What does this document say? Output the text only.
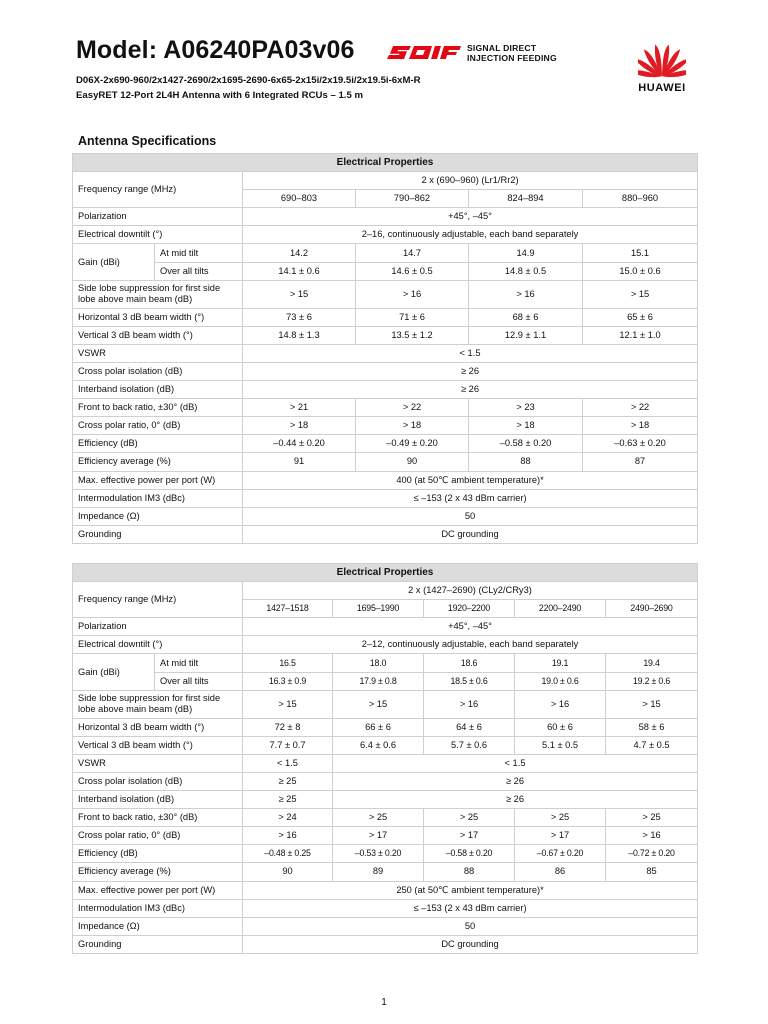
Model: A06240PA03v06	SIGNAL DIRECT
INJECTION FEEDING
D06X-2x690-960/2x1427-2690/2x1695-2690-6x65-2x15i/2x19.5i/2x19.5i-6xM-R
EasyRET 12-Port 2L4H Antenna with 6 Integrated RCUs – 1.5 m
HUAWEI
Antenna Specifications
Electrical Properties					
Frequency range (MHz)		2 x (690–960) (Lr1/Rr2)			
		690–803	790–862	824–894	880–960
Polarization		+45°, –45°			
Electrical downtilt (°)		2–16, continuously adjustable, each band separately			
Gain (dBi)	At mid tilt	14.2	14.7	14.9	15.1
	Over all tilts	14.1 ± 0.6	14.6 ± 0.5	14.8 ± 0.5	15.0 ± 0.6
Side lobe suppression for first side lobe above main beam (dB)		> 15	> 16	> 16	> 15
Horizontal 3 dB beam width (°)		73 ± 6	71 ± 6	68 ± 6	65 ± 6
Vertical 3 dB beam width (°)		14.8 ± 1.3	13.5 ± 1.2	12.9 ± 1.1	12.1 ± 1.0
VSWR		< 1.5			
Cross polar isolation (dB)		≥ 26			
Interband isolation (dB)		≥ 26			
Front to back ratio, ±30° (dB)		> 21	> 22	> 23	> 22
Cross polar ratio, 0° (dB)		> 18	> 18	> 18	> 18
Efficiency (dB)		–0.44 ± 0.20	–0.49 ± 0.20	–0.58 ± 0.20	–0.63 ± 0.20
Efficiency average (%)		91	90	88	87
Max. effective power per port (W)		400 (at 50℃ ambient temperature)*			
Intermodulation IM3 (dBc)		≤ –153 (2 x 43 dBm carrier)			
Impedance (Ω)		50			
Grounding		DC grounding			
Electrical Properties						
Frequency range (MHz)		2 x (1427–2690) (CLy2/CRy3)				
		1427–1518	1695–1990	1920–2200	2200–2490	2490–2690
Polarization		+45°, –45°				
Electrical downtilt (°)		2–12, continuously adjustable, each band separately				
Gain (dBi)	At mid tilt	16.5	18.0	18.6	19.1	19.4
	Over all tilts	16.3 ± 0.9	17.9 ± 0.8	18.5 ± 0.6	19.0 ± 0.6	19.2 ± 0.6
Side lobe suppression for first side lobe above main beam (dB)		> 15	> 15	> 16	> 16	> 15
Horizontal 3 dB beam width (°)		72 ± 8	66 ± 6	64 ± 6	60 ± 6	58 ± 6
Vertical 3 dB beam width (°)		7.7 ± 0.7	6.4 ± 0.6	5.7 ± 0.6	5.1 ± 0.5	4.7 ± 0.5
VSWR		< 1.5	< 1.5			
Cross polar isolation (dB)		≥ 25	≥ 26			
Interband isolation (dB)		≥ 25	≥ 26			
Front to back ratio, ±30° (dB)		> 24	> 25	> 25	> 25	> 25
Cross polar ratio, 0° (dB)		> 16	> 17	> 17	> 17	> 16
Efficiency (dB)		–0.48 ± 0.25	–0.53 ± 0.20	–0.58 ± 0.20	–0.67 ± 0.20	–0.72 ± 0.20
Efficiency average (%)		90	89	88	86	85
Max. effective power per port (W)		250 (at 50℃ ambient temperature)*				
Intermodulation IM3 (dBc)		≤ –153 (2 x 43 dBm carrier)				
Impedance (Ω)		50				
Grounding		DC grounding				
1
